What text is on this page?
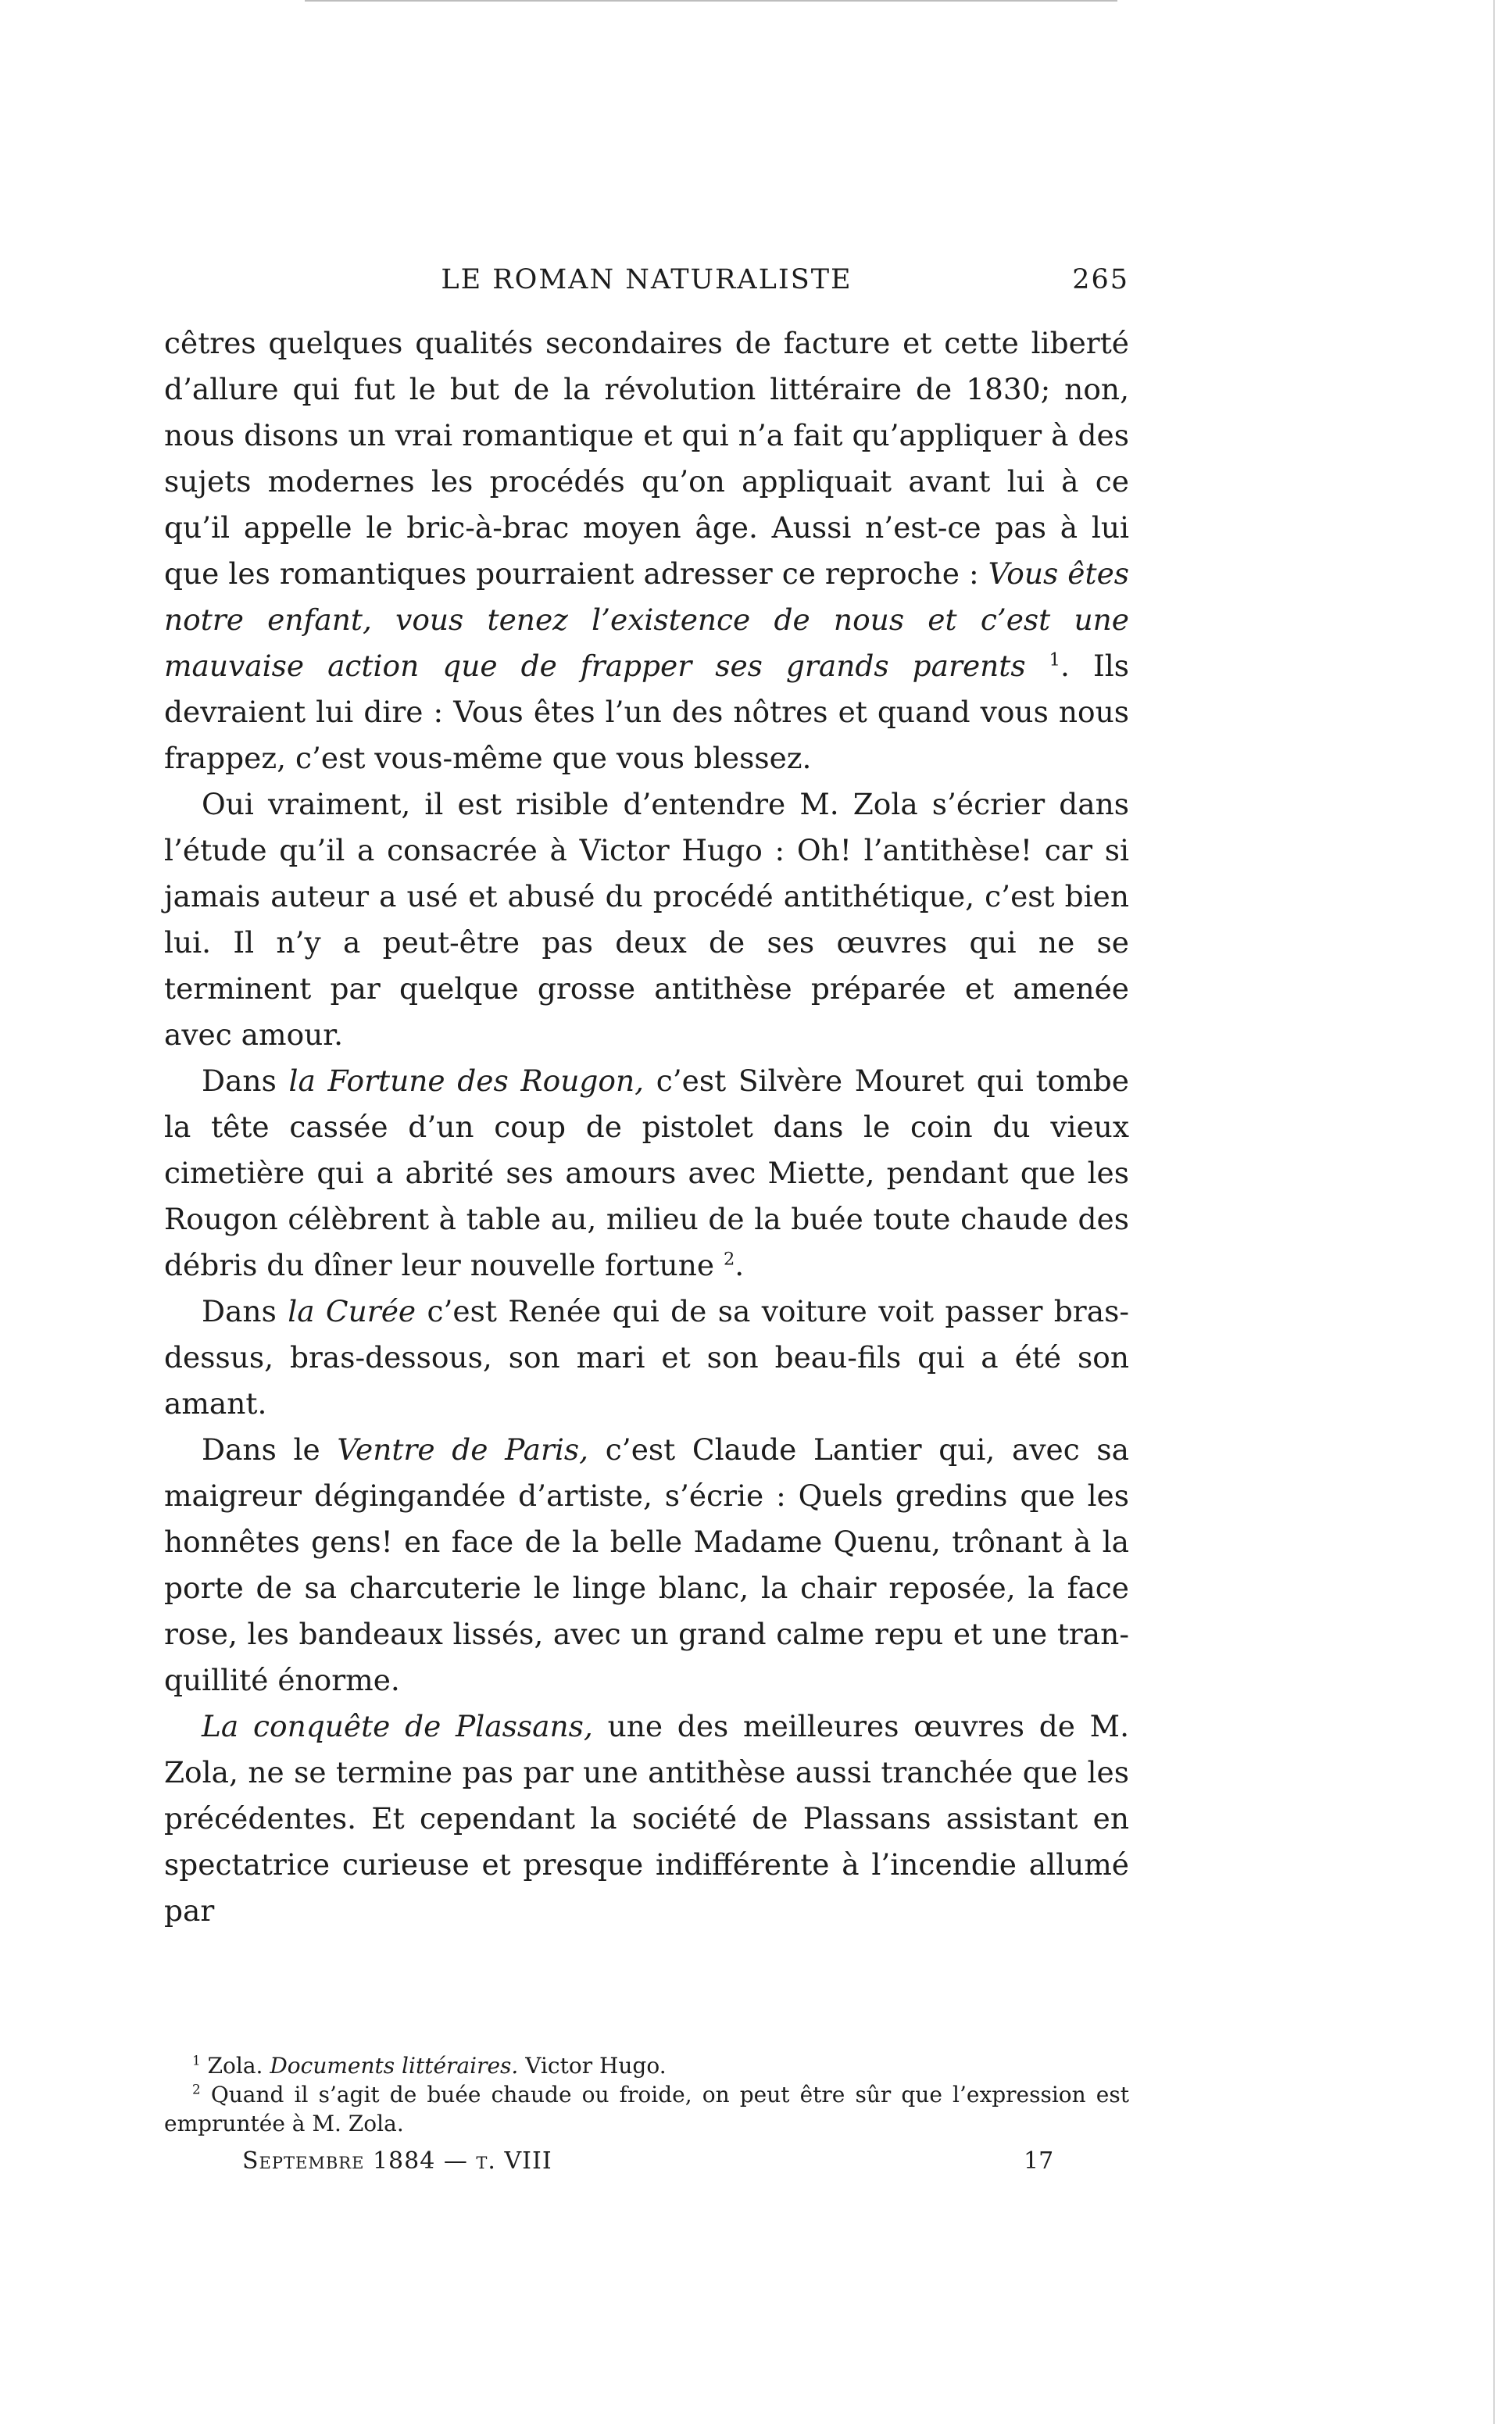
LE ROMAN NATURALISTE	265

cêtres quelques qualités secondaires de facture et cette liberté d’allure qui fut le but de la révolution littéraire de 1830; non, nous disons un vrai romantique et qui n’a fait qu’appliquer à des sujets modernes les procédés qu’on appliquait avant lui à ce qu’il appelle le bric-à-brac moyen âge. Aussi n’est-ce pas à lui que les romantiques pourraient adresser ce reproche : Vous êtes notre enfant, vous tenez l’existence de nous et c’est une mauvaise action que de frapper ses grands parents $^1$. Ils devraient lui dire : Vous êtes l’un des nôtres et quand vous nous frappez, c’est vous-même que vous blessez.

Oui vraiment, il est risible d’entendre M. Zola s’écrier dans l’étude qu’il a consacrée à Victor Hugo : Oh! l’antithèse! car si jamais auteur a usé et abusé du procédé antithétique, c’est bien lui. Il n’y a peut-être pas deux de ses œuvres qui ne se terminent par quelque grosse antithèse préparée et amenée avec amour.

Dans la Fortune des Rougon, c’est Silvère Mouret qui tombe la tête cassée d’un coup de pistolet dans le coin du vieux cimetière qui a abrité ses amours avec Miette, pendant que les Rougon célèbrent à table au, milieu de la buée toute chaude des débris du dîner leur nouvelle fortune $^2$.

Dans la Curée c’est Renée qui de sa voiture voit passer brasdessus, bras-dessous, son mari et son beau-fils qui a été son amant.

Dans le Ventre de Paris, c’est Claude Lantier qui, avec sa maigreur dégingandée d’artiste, s’écrie : Quels gredins que les honnêtes gens! en face de la belle Madame Quenu, trônant à la porte de sa charcuterie le linge blanc, la chair reposée, la face rose, les bandeaux lissés, avec un grand calme repu et une tranquillité énorme.

La conquête de Plassans, une des meilleures œuvres de M. Zola, ne se termine pas par une antithèse aussi tranchée que les précédentes. Et cependant la société de Plassans assistant en spectatrice curieuse et presque indifférente à l’incendie allumé par

$^1$ Zola. Documents littéraires. Victor Hugo.

$^2$ Quand il s’agit de buée chaude ou froide, on peut être sûr que l’expression est empruntée à M. Zola.

Septembre 1884 — t. VIII	17
